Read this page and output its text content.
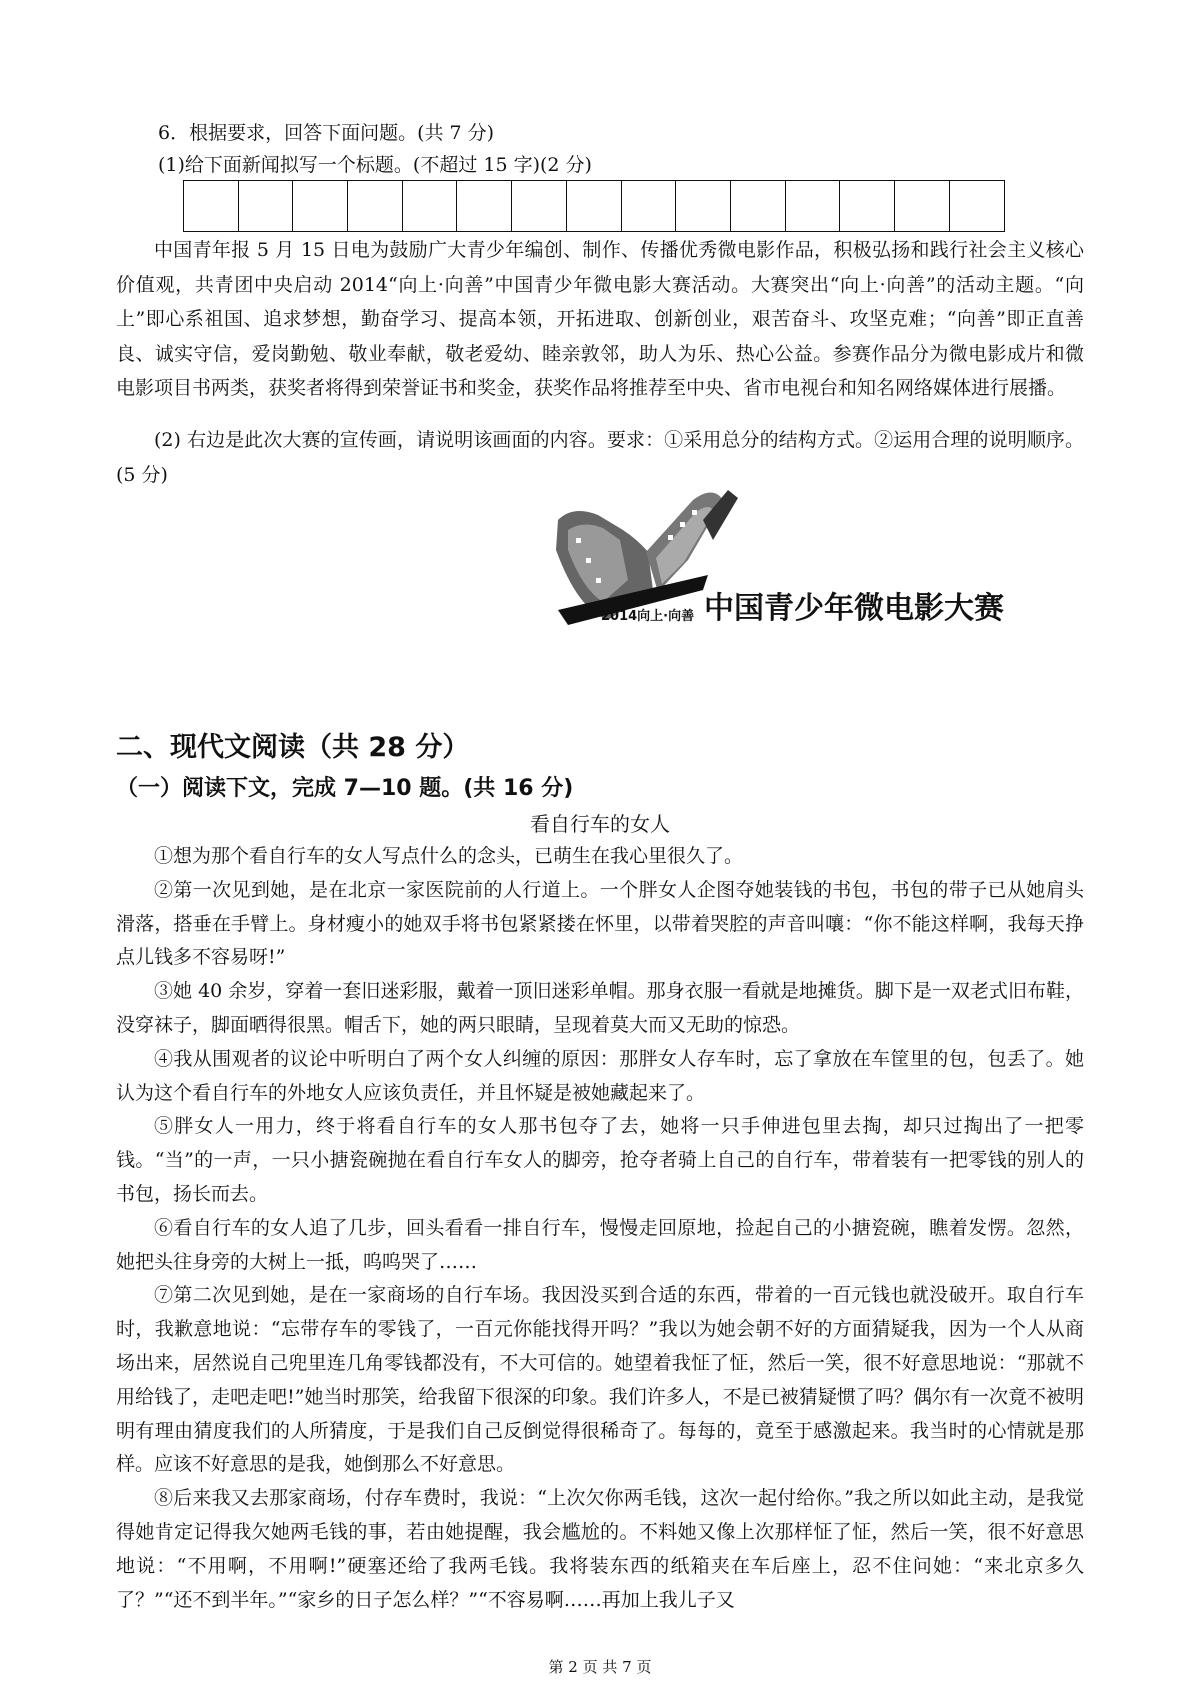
6．根据要求，回答下面问题。(共 7 分)
(1)给下面新闻拟写一个标题。(不超过 15 字)(2 分)
中国青年报 5 月 15 日电为鼓励广大青少年编创、制作、传播优秀微电影作品，积极弘扬和践行社会主义核心价值观，共青团中央启动 2014“向上·向善”中国青少年微电影大赛活动。大赛突出“向上·向善”的活动主题。“向上”即心系祖国、追求梦想，勤奋学习、提高本领，开拓进取、创新创业，艰苦奋斗、攻坚克难；“向善”即正直善良、诚实守信，爱岗勤勉、敬业奉献，敬老爱幼、睦亲敦邻，助人为乐、热心公益。参赛作品分为微电影成片和微电影项目书两类，获奖者将得到荣誉证书和奖金，获奖作品将推荐至中央、省市电视台和知名网络媒体进行展播。
(2) 右边是此次大赛的宣传画，请说明该画面的内容。要求：①采用总分的结构方式。②运用合理的说明顺序。(5 分)
2014向上·向善 中国青少年微电影大赛
二、现代文阅读（共 28 分）
（一）阅读下文，完成 7—10 题。(共 16 分)
看自行车的女人

①想为那个看自行车的女人写点什么的念头，已萌生在我心里很久了。

②第一次见到她，是在北京一家医院前的人行道上。一个胖女人企图夺她装钱的书包，书包的带子已从她肩头滑落，搭垂在手臂上。身材瘦小的她双手将书包紧紧搂在怀里，以带着哭腔的声音叫嚷：“你不能这样啊，我每天挣点儿钱多不容易呀!”

③她 40 余岁，穿着一套旧迷彩服，戴着一顶旧迷彩单帽。那身衣服一看就是地摊货。脚下是一双老式旧布鞋，没穿袜子，脚面晒得很黑。帽舌下，她的两只眼睛，呈现着莫大而又无助的惊恐。

④我从围观者的议论中听明白了两个女人纠缠的原因：那胖女人存车时，忘了拿放在车筐里的包，包丢了。她认为这个看自行车的外地女人应该负责任，并且怀疑是被她藏起来了。

⑤胖女人一用力，终于将看自行车的女人那书包夺了去，她将一只手伸进包里去掏，却只过掏出了一把零钱。“当”的一声，一只小搪瓷碗抛在看自行车女人的脚旁，抢夺者骑上自己的自行车，带着装有一把零钱的别人的书包，扬长而去。

⑥看自行车的女人追了几步，回头看看一排自行车，慢慢走回原地，捡起自己的小搪瓷碗，瞧着发愣。忽然，她把头往身旁的大树上一抵，呜呜哭了……

⑦第二次见到她，是在一家商场的自行车场。我因没买到合适的东西，带着的一百元钱也就没破开。取自行车时，我歉意地说：“忘带存车的零钱了，一百元你能找得开吗？”我以为她会朝不好的方面猜疑我，因为一个人从商场出来，居然说自己兜里连几角零钱都没有，不大可信的。她望着我怔了怔，然后一笑，很不好意思地说：“那就不用给钱了，走吧走吧!”她当时那笑，给我留下很深的印象。我们许多人，不是已被猜疑惯了吗？偶尔有一次竟不被明明有理由猜度我们的人所猜度，于是我们自己反倒觉得很稀奇了。每每的，竟至于感激起来。我当时的心情就是那样。应该不好意思的是我，她倒那么不好意思。

⑧后来我又去那家商场，付存车费时，我说：“上次欠你两毛钱，这次一起付给你。”我之所以如此主动，是我觉得她肯定记得我欠她两毛钱的事，若由她提醒，我会尴尬的。不料她又像上次那样怔了怔，然后一笑，很不好意思地说：“不用啊，不用啊!”硬塞还给了我两毛钱。我将装东西的纸箱夹在车后座上，忍不住问她：“来北京多久了？”“还不到半年。”“家乡的日子怎么样？”“不容易啊……再加上我儿子又

第 2 页 共 7 页
